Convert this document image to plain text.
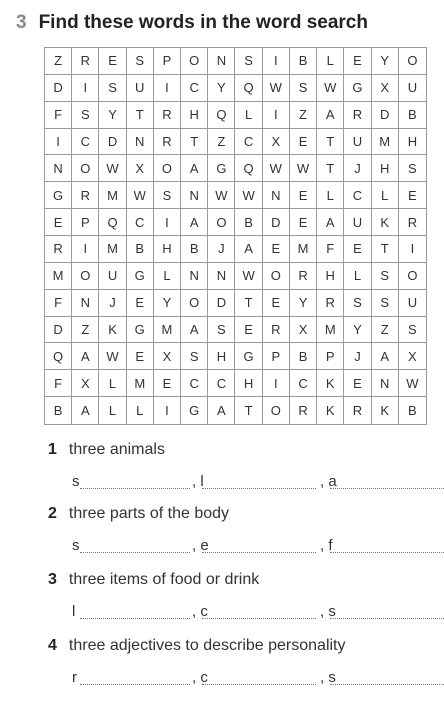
3 Find these words in the word search
Z	R	E	S	P	O	N	S	I	B	L	E	Y	O
D	I	S	U	I	C	Y	Q	W	S	W	G	X	U
F	S	Y	T	R	H	Q	L	I	Z	A	R	D	B
I	C	D	N	R	T	Z	C	X	E	T	U	M	H
N	O	W	X	O	A	G	Q	W	W	T	J	H	S
G	R	M	W	S	N	W	W	N	E	L	C	L	E
E	P	Q	C	I	A	O	B	D	E	A	U	K	R
R	I	M	B	H	B	J	A	E	M	F	E	T	I
M	O	U	G	L	N	N	W	O	R	H	L	S	O
F	N	J	E	Y	O	D	T	E	Y	R	S	S	U
D	Z	K	G	M	A	S	E	R	X	M	Y	Z	S
Q	A	W	E	X	S	H	G	P	B	P	J	A	X
F	X	L	M	E	C	C	H	I	C	K	E	N	W
B	A	L	L	I	G	A	T	O	R	K	R	K	B
1 three animals
s	, l	, a
2 three parts of the body
s	, e	, f
3 three items of food or drink
l	, c	, s
4 three adjectives to describe personality
r	, c	, s
